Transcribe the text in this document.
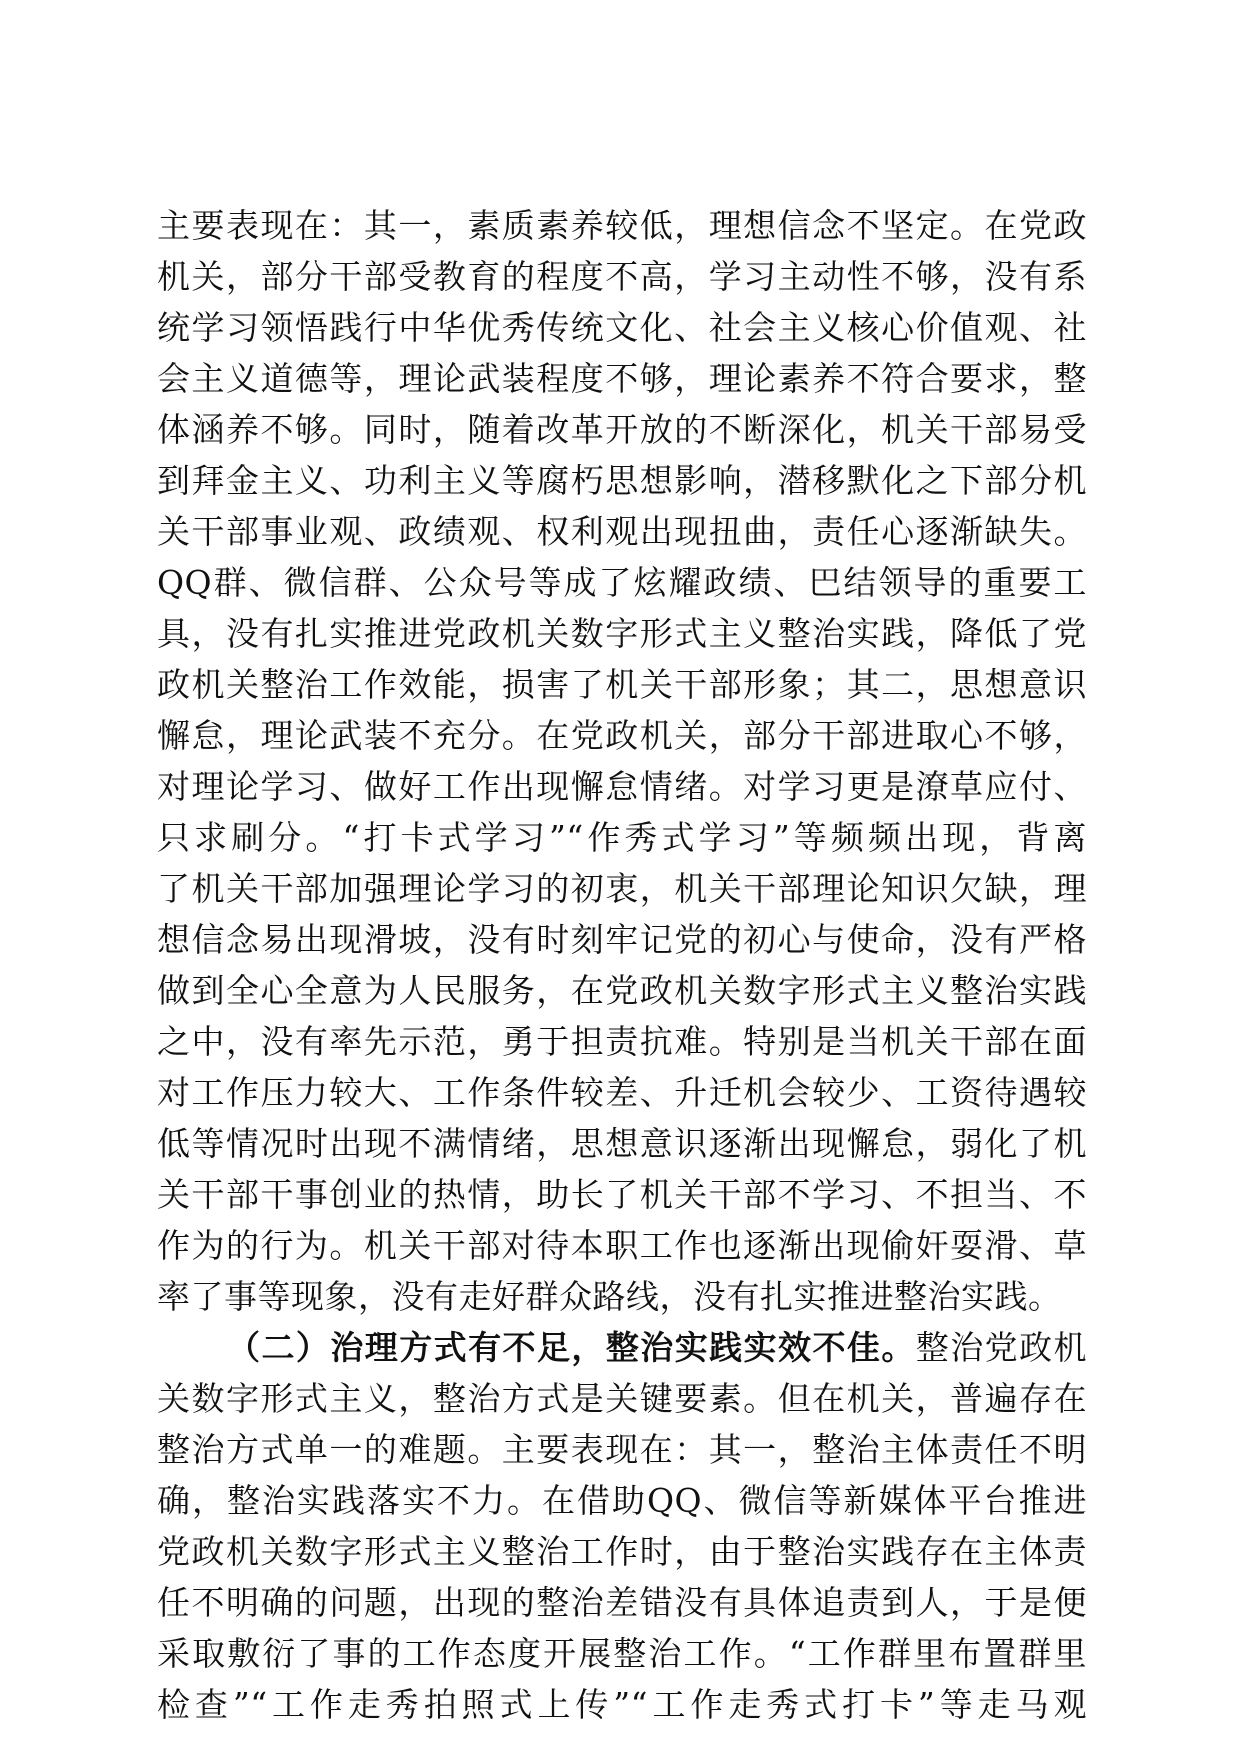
主要表现在：其一，素质素养较低，理想信念不坚定。在党政
机关，部分干部受教育的程度不高，学习主动性不够，没有系
统学习领悟践行中华优秀传统文化、社会主义核心价值观、社
会主义道德等，理论武装程度不够，理论素养不符合要求，整
体涵养不够。同时，随着改革开放的不断深化，机关干部易受
到拜金主义、功利主义等腐朽思想影响，潜移默化之下部分机
关干部事业观、政绩观、权利观出现扭曲，责任心逐渐缺失。
QQ群、微信群、公众号等成了炫耀政绩、巴结领导的重要工
具，没有扎实推进党政机关数字形式主义整治实践，降低了党
政机关整治工作效能，损害了机关干部形象；其二，思想意识
懈怠，理论武装不充分。在党政机关，部分干部进取心不够，
对理论学习、做好工作出现懈怠情绪。对学习更是潦草应付、
只求刷分。“打卡式学习”“作秀式学习”等频频出现，背离
了机关干部加强理论学习的初衷，机关干部理论知识欠缺，理
想信念易出现滑坡，没有时刻牢记党的初心与使命，没有严格
做到全心全意为人民服务，在党政机关数字形式主义整治实践
之中，没有率先示范，勇于担责抗难。特别是当机关干部在面
对工作压力较大、工作条件较差、升迁机会较少、工资待遇较
低等情况时出现不满情绪，思想意识逐渐出现懈怠，弱化了机
关干部干事创业的热情，助长了机关干部不学习、不担当、不
作为的行为。机关干部对待本职工作也逐渐出现偷奸耍滑、草
率了事等现象，没有走好群众路线，没有扎实推进整治实践。
（二）治理方式有不足，整治实践实效不佳。整治党政机
关数字形式主义，整治方式是关键要素。但在机关，普遍存在
整治方式单一的难题。主要表现在：其一，整治主体责任不明
确，整治实践落实不力。在借助QQ、微信等新媒体平台推进
党政机关数字形式主义整治工作时，由于整治实践存在主体责
任不明确的问题，出现的整治差错没有具体追责到人，于是便
采取敷衍了事的工作态度开展整治工作。“工作群里布置群里
检查”“工作走秀拍照式上传”“工作走秀式打卡”等走马观
